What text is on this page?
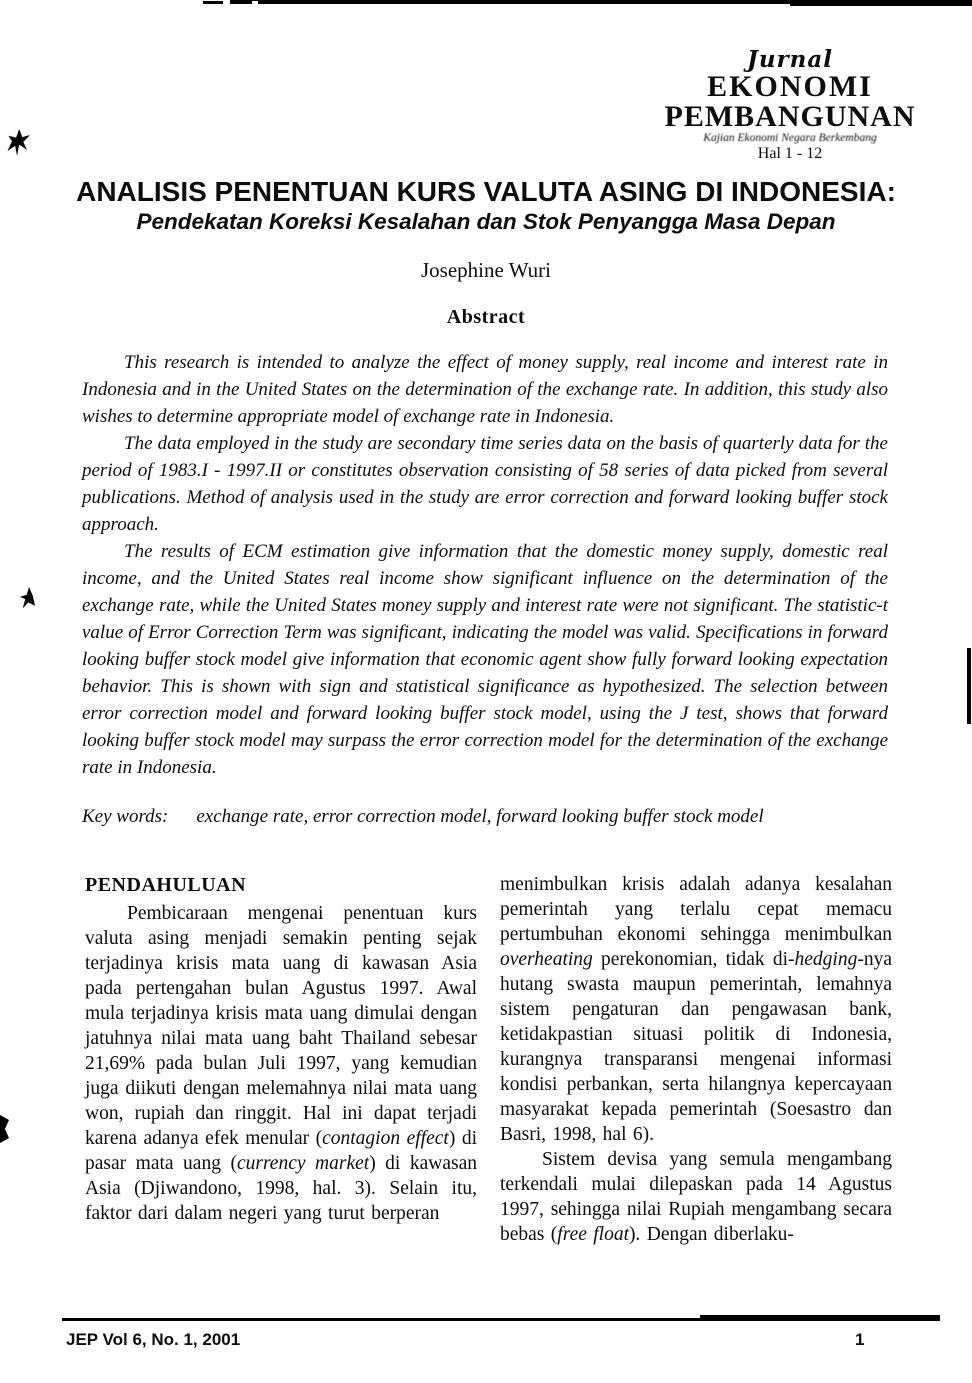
Jurnal
EKONOMI
PEMBANGUNAN
Kajian Ekonomi Negara Berkembang
Hal 1 - 12
ANALISIS PENENTUAN KURS VALUTA ASING DI INDONESIA:
Pendekatan Koreksi Kesalahan dan Stok Penyangga Masa Depan
Josephine Wuri
Abstract

This research is intended to analyze the effect of money supply, real income and interest rate in Indonesia and in the United States on the determination of the exchange rate. In addition, this study also wishes to determine appropriate model of exchange rate in Indonesia.

The data employed in the study are secondary time series data on the basis of quarterly data for the period of 1983.I - 1997.II or constitutes observation consisting of 58 series of data picked from several publications. Method of analysis used in the study are error correction and forward looking buffer stock approach.

The results of ECM estimation give information that the domestic money supply, domestic real income, and the United States real income show significant influence on the determination of the exchange rate, while the United States money supply and interest rate were not significant. The statistic-t value of Error Correction Term was significant, indicating the model was valid. Specifications in forward looking buffer stock model give information that economic agent show fully forward looking expectation behavior. This is shown with sign and statistical significance as hypothesized. The selection between error correction model and forward looking buffer stock model, using the J test, shows that forward looking buffer stock model may surpass the error correction model for the determination of the exchange rate in Indonesia.

Key words: exchange rate, error correction model, forward looking buffer stock model
PENDAHULUAN

Pembicaraan mengenai penentuan kurs valuta asing menjadi semakin penting sejak terjadinya krisis mata uang di kawasan Asia pada pertengahan bulan Agustus 1997. Awal mula terjadinya krisis mata uang dimulai dengan jatuhnya nilai mata uang baht Thailand sebesar 21,69% pada bulan Juli 1997, yang kemudian juga diikuti dengan melemahnya nilai mata uang won, rupiah dan ringgit. Hal ini dapat terjadi karena adanya efek menular (contagion effect) di pasar mata uang (currency market) di kawasan Asia (Djiwandono, 1998, hal. 3). Selain itu, faktor dari dalam negeri yang turut berperan

menimbulkan krisis adalah adanya kesalahan pemerintah yang terlalu cepat memacu pertumbuhan ekonomi sehingga menimbulkan overheating perekonomian, tidak di-hedging-nya hutang swasta maupun pemerintah, lemahnya sistem pengaturan dan pengawasan bank, ketidakpastian situasi politik di Indonesia, kurangnya transparansi mengenai informasi kondisi perbankan, serta hilangnya kepercayaan masyarakat kepada pemerintah (Soesastro dan Basri, 1998, hal 6).

Sistem devisa yang semula mengambang terkendali mulai dilepaskan pada 14 Agustus 1997, sehingga nilai Rupiah mengambang secara bebas (free float). Dengan diberlaku-

JEP Vol 6, No. 1, 2001	1
